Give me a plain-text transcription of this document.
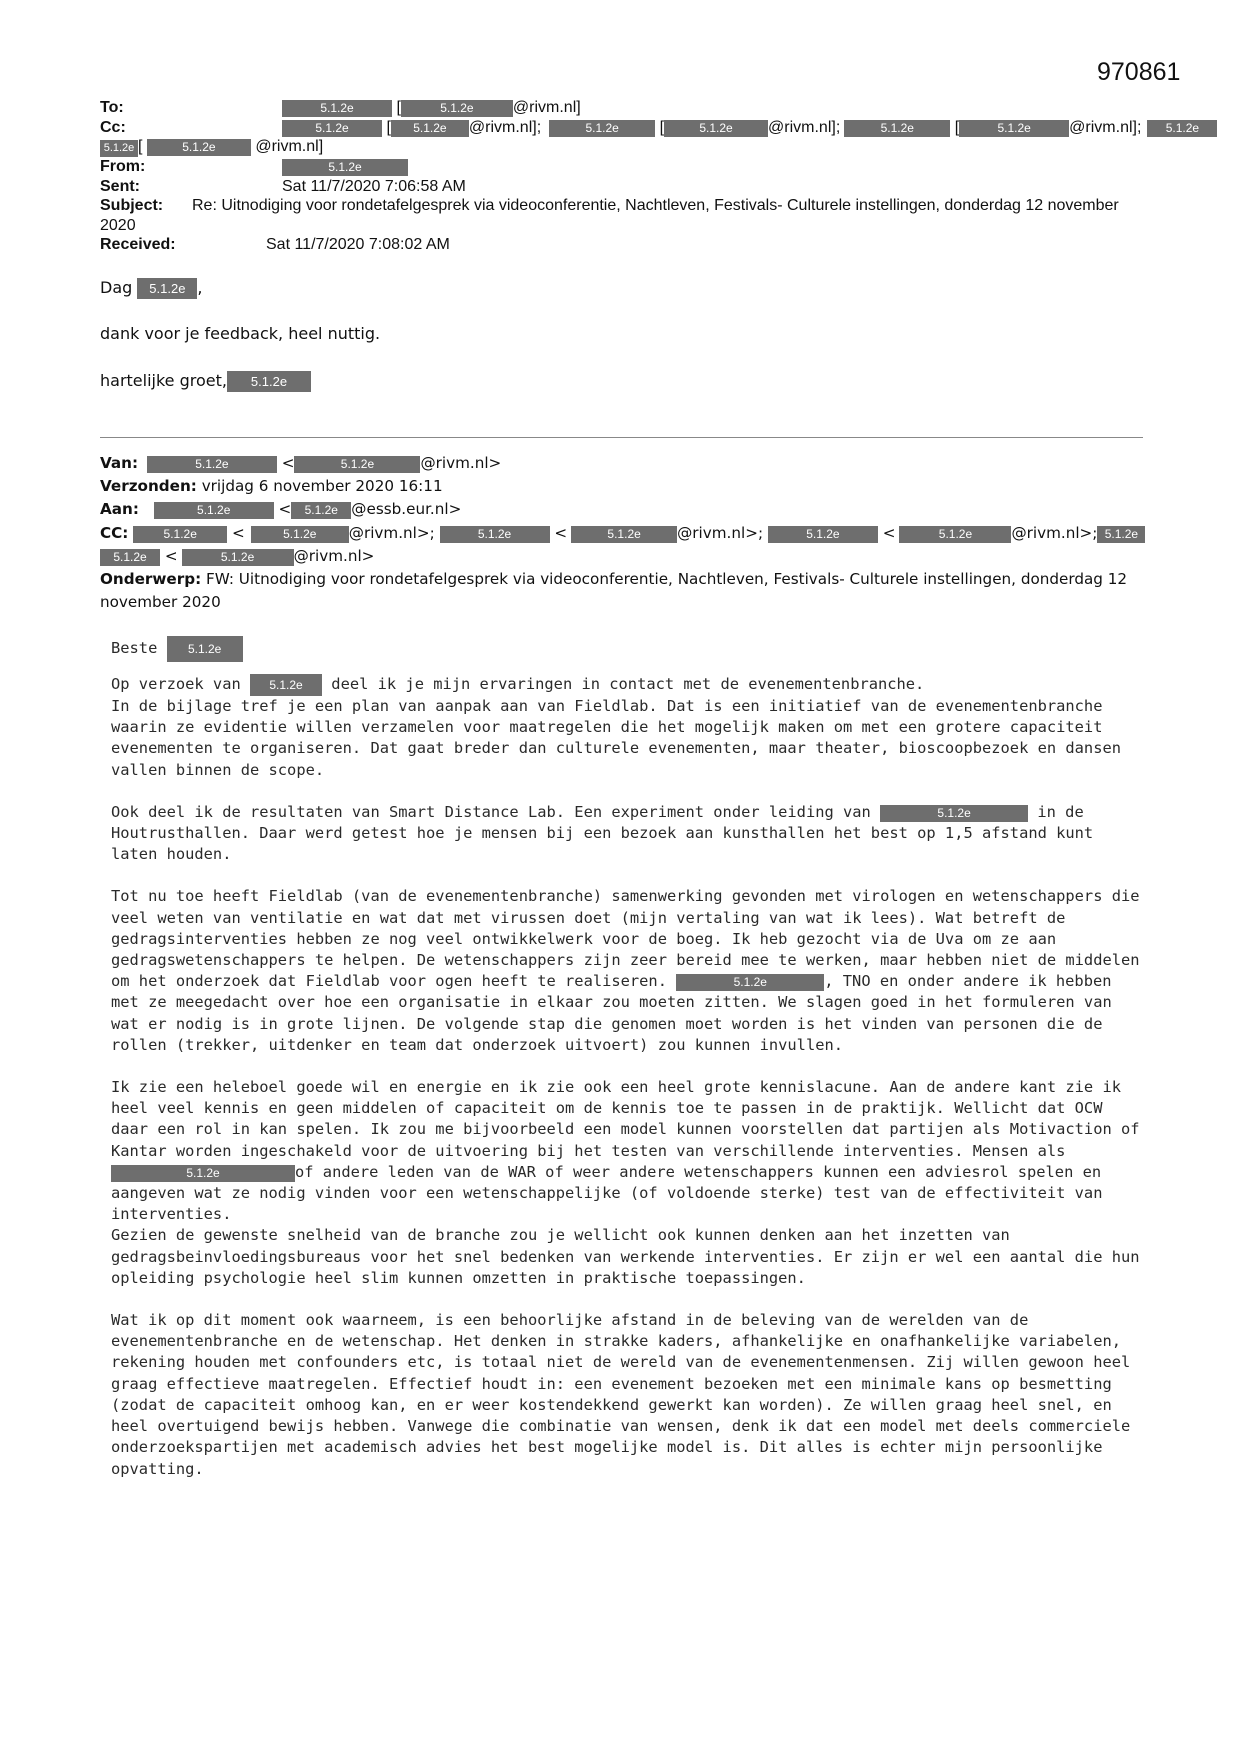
970861
To:	5.1.2e [	5.1.2e @rivm.nl]
Cc:	5.1.2e [ 5.1.2e @rivm.nl];	5.1.2e [	5.1.2e @rivm.nl];	5.1.2e [	5.1.2e @rivm.nl]; 5.1.2e
5.1.2e [	5.1.2e @rivm.nl]
From:	5.1.2e
Sent:	Sat 11/7/2020 7:06:58 AM
Subject: Re: Uitnodiging voor rondetafelgesprek via videoconferentie, Nachtleven, Festivals- Culturele instellingen, donderdag 12 november 2020
Received:	Sat 11/7/2020 7:08:02 AM

Dag 5.1.2e ,

dank voor je feedback, heel nuttig.

hartelijke groet, 5.1.2e

Van:	5.1.2e	<	5.1.2e	@rivm.nl>
Verzonden: vrijdag 6 november 2020 16:11
Aan:	5.1.2e	< 5.1.2e @essb.eur.nl>
CC:	5.1.2e <	5.1.2e @rivm.nl>;	5.1.2e	<	5.1.2e @rivm.nl>;	5.1.2e	<	5.1.2e	@rivm.nl>; 5.1.2e
5.1.2e <	5.1.2e	@rivm.nl>
Onderwerp: FW: Uitnodiging voor rondetafelgesprek via videoconferentie, Nachtleven, Festivals- Culturele instellingen, donderdag 12 november 2020

Beste	5.1.2e

Op verzoek van 5.1.2e deel ik je mijn ervaringen in contact met de evenementenbranche.
In de bijlage tref je een plan van aanpak aan van Fieldlab. Dat is een initiatief van de evenementenbranche waarin ze evidentie willen verzamelen voor maatregelen die het mogelijk maken om met een grotere capaciteit evenementen te organiseren. Dat gaat breder dan culturele evenementen, maar theater, bioscoopbezoek en dansen vallen binnen de scope.

Ook deel ik de resultaten van Smart Distance Lab. Een experiment onder leiding van	5.1.2e	in de Houtrusthallen. Daar werd getest hoe je mensen bij een bezoek aan kunsthallen het best op 1,5 afstand kunt laten houden.

Tot nu toe heeft Fieldlab (van de evenementenbranche) samenwerking gevonden met virologen en wetenschappers die veel weten van ventilatie en wat dat met virussen doet (mijn vertaling van wat ik lees). Wat betreft de gedragsinterventies hebben ze nog veel ontwikkelwerk voor de boeg. Ik heb gezocht via de Uva om ze aan gedragswetenschappers te helpen. De wetenschappers zijn zeer bereid mee te werken, maar hebben niet de middelen om het onderzoek dat Fieldlab voor ogen heeft te realiseren.	5.1.2e	, TNO en onder andere ik hebben met ze meegedacht over hoe een organisatie in elkaar zou moeten zitten. We slagen goed in het formuleren van wat er nodig is in grote lijnen. De volgende stap die genomen moet worden is het vinden van personen die de rollen (trekker, uitdenker en team dat onderzoek uitvoert) zou kunnen invullen.

Ik zie een heleboel goede wil en energie en ik zie ook een heel grote kennislacune. Aan de andere kant zie ik heel veel kennis en geen middelen of capaciteit om de kennis toe te passen in de praktijk. Wellicht dat OCW daar een rol in kan spelen. Ik zou me bijvoorbeeld een model kunnen voorstellen dat partijen als Motivaction of Kantar worden ingeschakeld voor de uitvoering bij het testen van verschillende interventies. Mensen als 5.1.2e	of andere leden van de WAR of weer andere wetenschappers kunnen een adviesrol spelen en aangeven wat ze nodig vinden voor een wetenschappelijke (of voldoende sterke) test van de effectiviteit van interventies.
Gezien de gewenste snelheid van de branche zou je wellicht ook kunnen denken aan het inzetten van gedragsbeinvloedingsbureaus voor het snel bedenken van werkende interventies. Er zijn er wel een aantal die hun opleiding psychologie heel slim kunnen omzetten in praktische toepassingen.

Wat ik op dit moment ook waarneem, is een behoorlijke afstand in de beleving van de werelden van de evenementenbranche en de wetenschap. Het denken in strakke kaders, afhankelijke en onafhankelijke variabelen, rekening houden met confounders etc, is totaal niet de wereld van de evenementenmensen. Zij willen gewoon heel graag effectieve maatregelen. Effectief houdt in: een evenement bezoeken met een minimale kans op besmetting (zodat de capaciteit omhoog kan, en er weer kostendekkend gewerkt kan worden). Ze willen graag heel snel, en heel overtuigend bewijs hebben. Vanwege die combinatie van wensen, denk ik dat een model met deels commerciele onderzoekspartijen met academisch advies het best mogelijke model is. Dit alles is echter mijn persoonlijke opvatting.
